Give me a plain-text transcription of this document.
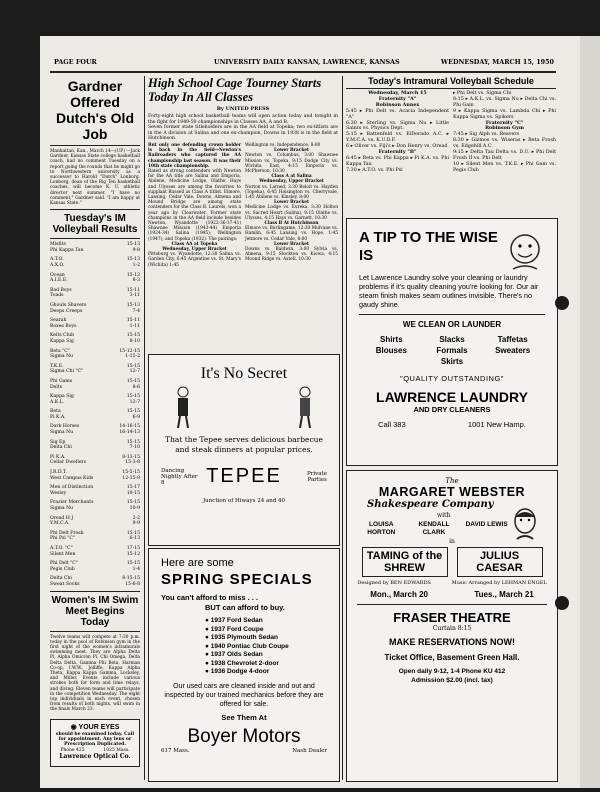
PAGE FOUR	UNIVERSITY DAILY KANSAN, LAWRENCE, KANSAS	WEDNESDAY, MARCH 15, 1950
Gardner Offered Dutch's Old Job
Manhattan, Kan., March 14—(UP) —Jack Gardner, Kansas State college basketball coach, had no comment Tuesday on a report going the rounds that he might go to Northwestern university as a successor to Harold "Dutch" Lonborg. Lonborg, dean of the Big Ten basketball coaches, will become K. U. athletic director next summer. "I have no comment," Gardner said. "I am happy at Kansas State."
Tuesday's IM Volleyball Results
Misfits	15-13
Phi Kappa Tau	9-8
A.T.O.	15-13
A.X.O.	1-2
Ocean	15-13
A.I.E.E.	8-3
Bad Boys	15-11
Toads	3-11
Ghouls Shavers	15-13
Deeps Creeps	7-4
Searah	15-11
Boxes Boys	1-11
Kelts Club	15-15
Kappa Sig	8-10
Beta "C"	15-12-15
Sigma Nu	1-15-2
T.K.E.	15-15
Sigma Chi "C"	12-7
Phi Gams	15-15
Delts	8-6
Kappa Sig	15-15
A.K.L.	12-7
Beta	15-15
Pi K.A.	6-9
Dark Horses	14-16-15
Sigma Nu	16-14-13
Sig Ep	15-15
Delta Chi	7-10
Pi K.A.	8-13-15
Cellar Dwellers	15-3-8
J.R.D.T.	15-5-15
West Campus Kids	12-15-9
Men of Distinction	15-17
Wesley	10-15
Frazier Merchants	15-15
Sigma Nu	10-9
Oread H J	2-2
Y.M.C.A.	9-9
Phi Delt Frosh	15-15
Phi Psi "C"	6-13
A.T.O. "C"	17-15
Silent Men	15-12
Phi Delt "C"	15-15
Pegis Club	1-4
Delta Chi	8-15-15
Sweat Socks	15-6-8
Women's IM Swim Meet Begins Today
Twelve teams will compete at 7:30 p.m. today in the pool of Robinson gym in the first night of the women's intramurals swimming meet. They are Alpha Delta Pi, Alpha Omicron Pi, Chi Omega, Delta Delta Delta, Gamma Phi Beta, Harman Co-op, I.W.W., Jolliffe, Kappa Alpha Theta, Kappa Kappa Gamma, Locksley, and Miller. Events include various strokes both for form and time relays, and diving. Eleven teams will participate in the competition Wednesday. The eight top individuals in each event, chosen from results of both nights, will swim in the finals March 23.
◉ YOUR EYES
should be examined today. Call for appointment. Any lens or Prescription Duplicated.
Phone 425	1025 Mass.
Lawrence Optical Co.
High School Cage Tourney Starts Today In All Classes
By UNITED PRESS
Forty-eight high school basketball teams will open action today and tonight in the fight for 1949-50 championships in Classes AA, A and B.
Seven former state titleholders are in the AA field at Topeka; two ex-titlists are in the A division at Salina and one ex-champion, Downs in 1938 is in the field at Hutchinson.
But only one defending crown holder is back in the field—Newton's Railroaders who captured the AA championship last season. It was their 10th state championship.
Rated as strong contenders with Newton for the AA title are Salina and Emporia. Abilene, Medicine Lodge, Olathe, Hays and Ulysses are among the favorites to supplant Russell as Class A titlist. Elmore, Lansing, Cedar Vale, Downs, Almena and Mound Bridge are among state contenders for the Class B. Laurels, won a year ago by Clearwater. Former state champions in the AA field include besides Newton, Wyandotte (1922-36-37-41) Shawnee Mission (1943-44) Emporia (1924-34) Salina (1945); Wellington (1947); and Topeka (1932). The pairings:
Class AA at Topeka
Wednesday, Upper Bracket
Pittsburg vs. Wyandotte, 12:30 Salina vs. Garden City, 6:45 Argentine vs. St. Mary's (Wichita) 1:45
Wellington vs. Independence, 8:00
Lower Bracket
Newton vs. Columbus, 3:00 Shawnee Mission vs. Topeka, 9:15 Dodge City vs. Wichita East, 4:15 Emporia vs. McPherson, 10:30
Class A at Salina
Wednesday, Upper Bracket
Norton vs. Larned, 3:30 Beloit vs. Hayden (Topeka), 6:45 Hoisington vs. Cherryvale, 1:45 Abilene vs. Kinsley, 8:00
Lower Bracket
Medicine Lodge vs. Eureka, 3:30 Holton vs. Sacred Heart (Salina), 9:15 Olathe vs. Ulysses, 4:15 Hays vs. Garnett, 10:30
Class B At Hutchinson
Elmore vs. Burlingame, 12:30 Mulvane vs. Hamlin, 6:45 Lansing vs. Hope, 1:45 Jetmore vs. Cedar Vale, 8:00
Lower Bracket
Downs vs. Baldwin, 3:00 Sylvia vs. Almena, 9:15 Stockton vs. Kiowa, 4:15 Mound Ridge vs. Axtell, 10:30
It's No Secret
That the Tepee serves delicious barbecue and steak dinners at popular prices.
Dancing Nightly After 8	TEPEE	Private Parties
Junction of Hiways 24 and 40
Here are some
SPRING SPECIALS
You can't afford to miss . . .
BUT can afford to buy.
● 1937 Ford Sedan
● 1937 Ford Coupe
● 1935 Plymouth Sedan
● 1940 Pontiac Club Coupe
● 1937 Olds Sedan
● 1938 Chevrolet 2-door
● 1936 Dodge 4-door
Our used cars are cleaned inside and out and inspected by our trained mechanics before they are offered for sale.
See Them At
Boyer Motors
617 Mass.	Nash Dealer
Today's Intramural Volleyball Schedule
Wednesday, March 15
Fraternity "A"
Robinson Annex
5:45 ▸ Phi Delt vs. Acacia Independent "A"
6:30 ▸ Sterling vs. Sigma Nu ▸ Little Saints vs. Physics Dept.
5:15 ▸ Battenfeld vs. ElDorado A.C. ▸ Y.M.C.A. vs. K.U.D.F.
6 ▸ Oliver vs. Fiji's ▸ Don Henry vs. Oread
Fraternity "B"
6:45 ▸ Beta vs. Phi Kappa ▸ Pi K.A. vs. Phi Kappa Tau
7:30 ▸ A.T.O. vs. Phi Psi
▸ Phi Delt vs. Sigma Chi
8:15 ▸ A.K.L. vs. Sigma Nu ▸ Delta Chi vs. Phi Gam
9 ▸ Kappa Sigma vs. Lambda Chi ▸ Phi Kappa Sigma vs. Spikers
Fraternity "C"
Robinson Gym
7:45 ▸ Sig Alph vs. Beavers
8:30 ▸ Gizmos vs. Wiseras ▸ Beta Frosh vs. Edgehill A.C.
9:15 ▸ Delta Tau Delta vs. D.U. ▸ Phi Delt Frosh II vs. Phi Delt
10 ▸ Silent Men vs. T.K.E. ▸ Phi Gam vs. Pegis Club
A TIP TO THE WISE IS
Let Lawrence Laundry solve your cleaning or laundry problems if it's quality cleaning you're looking for. Our air steam finish makes seam outlines invisible. There's no gaudy shine.
WE CLEAN OR LAUNDER
Shirts	Slacks	Taffetas
Blouses	Formals	Sweaters
Skirts
"QUALITY OUTSTANDING"
LAWRENCE LAUNDRY
AND DRY CLEANERS
Call 383	1001 New Hamp.
The
MARGARET WEBSTER
Shakespeare Company
with
LOUISA HORTON
KENDALL CLARK
DAVID LEWIS
in
TAMING of the SHREW
JULIUS CAESAR
Designed by BEN EDWARDS	Music Arranged by LEHMAN ENGEL
Mon., March 20	Tues., March 21
FRASER THEATRE
Curtain 8:15
MAKE RESERVATIONS NOW!
Ticket Office, Basement Green Hall.
Open daily 9-12, 1-4 Phone KU 412
Admission $2.00 (incl. tax)
